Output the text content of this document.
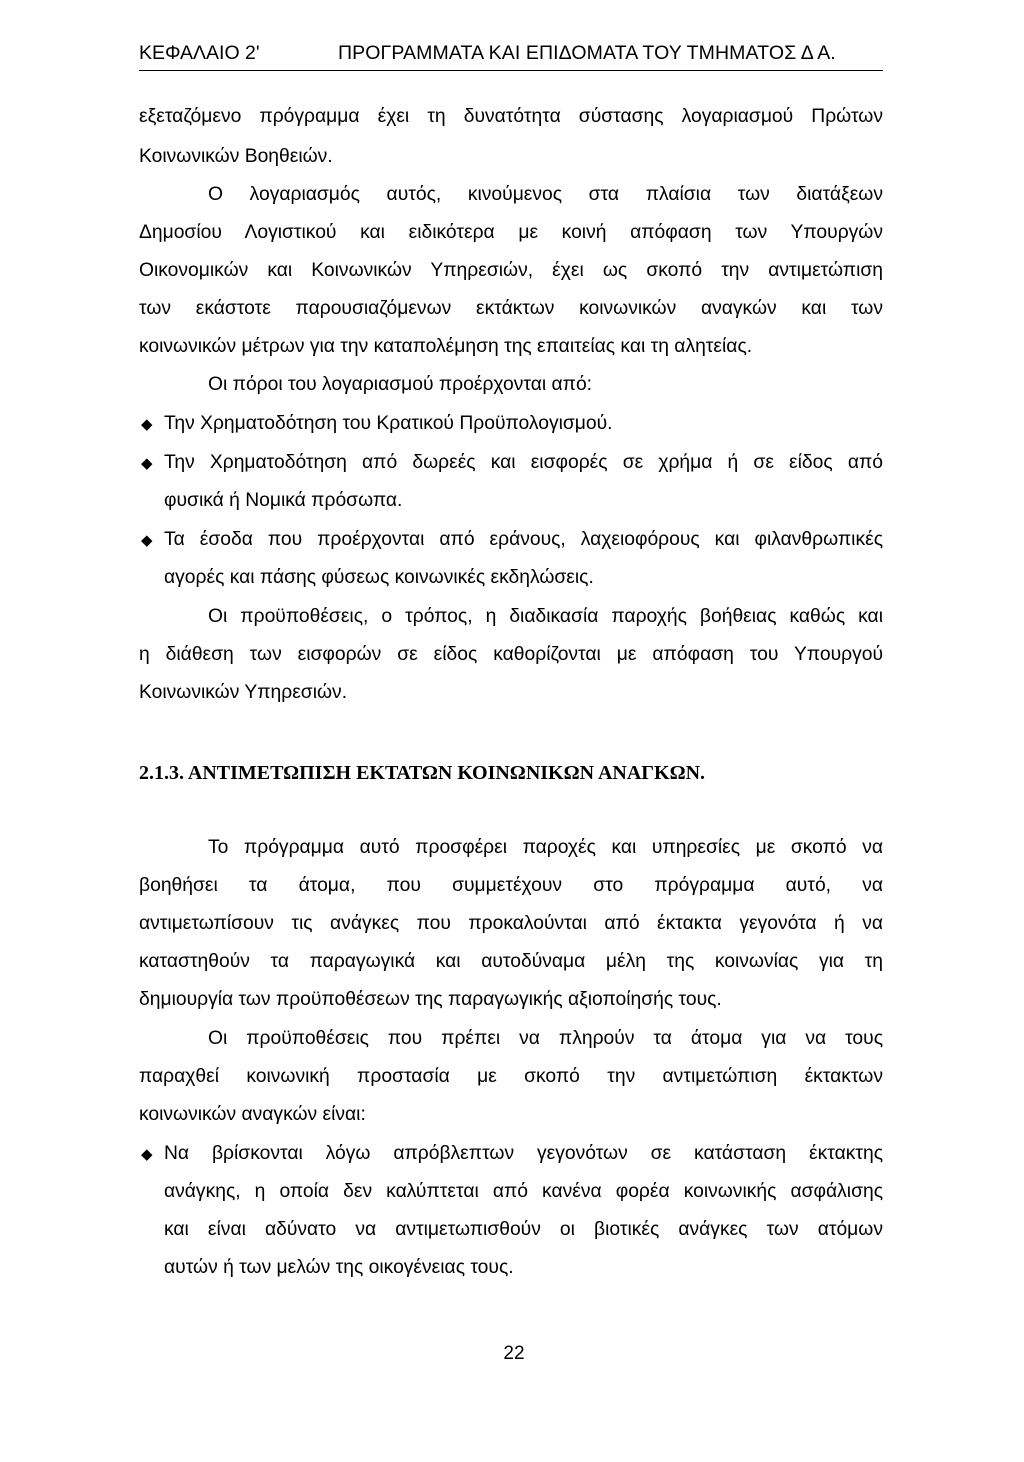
ΚΕΦΑΛΑΙΟ 2'	ΠΡΟΓΡΑΜΜΑΤΑ ΚΑΙ ΕΠΙΔΟΜΑΤΑ ΤΟΥ ΤΜΗΜΑΤΟΣ Δ Α.
εξεταζόμενο πρόγραμμα έχει τη δυνατότητα σύστασης λογαριασμού Πρώτων
Κοινωνικών Βοηθειών.
Ο λογαριασμός αυτός, κινούμενος στα πλαίσια των διατάξεων
Δημοσίου Λογιστικού και ειδικότερα με κοινή απόφαση των Υπουργών
Οικονομικών και Κοινωνικών Υπηρεσιών, έχει ως σκοπό την αντιμετώπιση
των εκάστοτε παρουσιαζόμενων εκτάκτων κοινωνικών αναγκών και των
κοινωνικών μέτρων για την καταπολέμηση της επαιτείας και τη αλητείας.
Οι πόροι του λογαριασμού προέρχονται από:
◆ Την Χρηματοδότηση του Κρατικού Προϋπολογισμού.
◆ Την Χρηματοδότηση από δωρεές και εισφορές σε χρήμα ή σε είδος από
φυσικά ή Νομικά πρόσωπα.
◆ Τα έσοδα που προέρχονται από εράνους, λαχειοφόρους και φιλανθρωπικές
αγορές και πάσης φύσεως κοινωνικές εκδηλώσεις.
Οι προϋποθέσεις, ο τρόπος, η διαδικασία παροχής βοήθειας καθώς και
η διάθεση των εισφορών σε είδος καθορίζονται με απόφαση του Υπουργού
Κοινωνικών Υπηρεσιών.
2.1.3. ΑΝΤΙΜΕΤΩΠΙΣΗ ΕΚΤΑΤΩΝ ΚΟΙΝΩΝΙΚΩΝ ΑΝΑΓΚΩΝ.
Το πρόγραμμα αυτό προσφέρει παροχές και υπηρεσίες με σκοπό να
βοηθήσει τα άτομα, που συμμετέχουν στο πρόγραμμα αυτό, να
αντιμετωπίσουν τις ανάγκες που προκαλούνται από έκτακτα γεγονότα ή να
καταστηθούν τα παραγωγικά και αυτοδύναμα μέλη της κοινωνίας για τη
δημιουργία των προϋποθέσεων της παραγωγικής αξιοποίησής τους.
Οι προϋποθέσεις που πρέπει να πληρούν τα άτομα για να τους
παραχθεί κοινωνική προστασία με σκοπό την αντιμετώπιση έκτακτων
κοινωνικών αναγκών είναι:
◆ Να βρίσκονται λόγω απρόβλεπτων γεγονότων σε κατάσταση έκτακτης
ανάγκης, η οποία δεν καλύπτεται από κανένα φορέα κοινωνικής ασφάλισης
και είναι αδύνατο να αντιμετωπισθούν οι βιοτικές ανάγκες των ατόμων
αυτών ή των μελών της οικογένειας τους.
22
